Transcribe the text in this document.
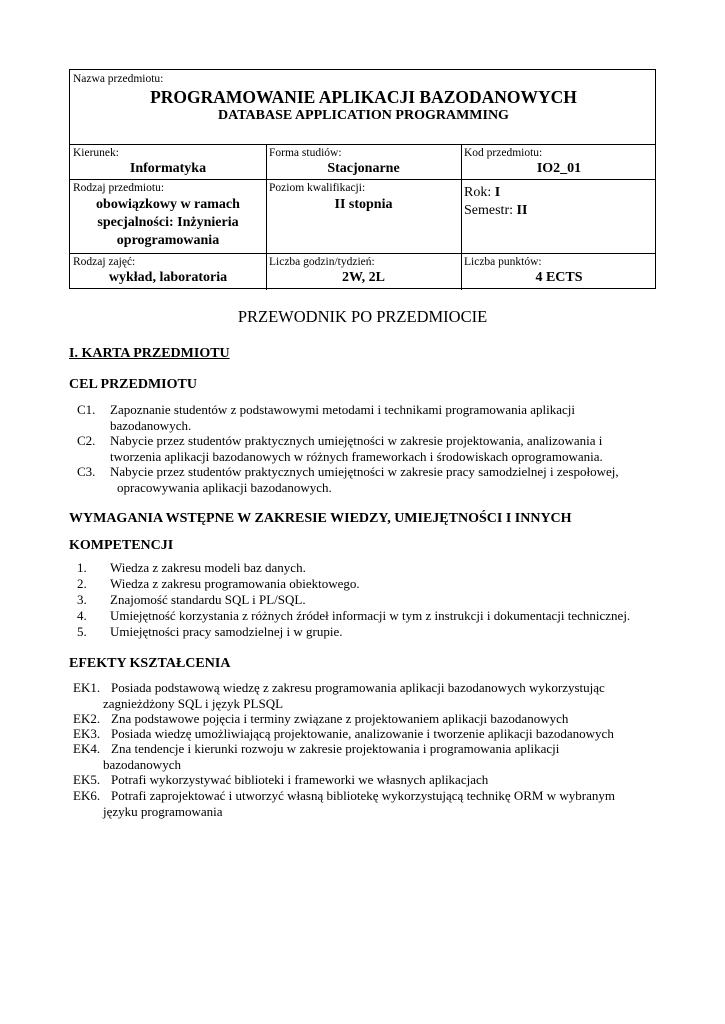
Nazwa przedmiotu:
PROGRAMOWANIE APLIKACJI BAZODANOWYCH
DATABASE APPLICATION PROGRAMMING
Kierunek:
Informatyka
Forma studiów:
Stacjonarne
Kod przedmiotu:
IO2_01
Rodzaj przedmiotu:
obowiązkowy w ramach
specjalności: Inżynieria
oprogramowania
Poziom kwalifikacji:
II stopnia
Rok: I
Semestr: II
Rodzaj zajęć:
wykład, laboratoria
Liczba godzin/tydzień:
2W, 2L
Liczba punktów:
4 ECTS
PRZEWODNIK PO PRZEDMIOCIE
I. KARTA PRZEDMIOTU
CEL PRZEDMIOTU
C1. Zapoznanie studentów z podstawowymi metodami i technikami programowania aplikacji
bazodanowych.
C2. Nabycie przez studentów praktycznych umiejętności w zakresie projektowania, analizowania i
tworzenia aplikacji bazodanowych w różnych frameworkach i środowiskach oprogramowania.
C3. Nabycie przez studentów praktycznych umiejętności w zakresie pracy samodzielnej i zespołowej,
opracowywania aplikacji bazodanowych.
WYMAGANIA WSTĘPNE W ZAKRESIE WIEDZY, UMIEJĘTNOŚCI I INNYCH
KOMPETENCJI
1. Wiedza z zakresu modeli baz danych.
2. Wiedza z zakresu programowania obiektowego.
3. Znajomość standardu SQL i PL/SQL.
4. Umiejętność korzystania z różnych źródeł informacji w tym z instrukcji i dokumentacji technicznej.
5. Umiejętności pracy samodzielnej i w grupie.
EFEKTY KSZTAŁCENIA
EK1. Posiada podstawową wiedzę z zakresu programowania aplikacji bazodanowych wykorzystując
zagnieżdżony SQL i język PLSQL
EK2. Zna podstawowe pojęcia i terminy związane z projektowaniem aplikacji bazodanowych
EK3. Posiada wiedzę umożliwiającą projektowanie, analizowanie i tworzenie aplikacji bazodanowych
EK4. Zna tendencje i kierunki rozwoju w zakresie projektowania i programowania aplikacji
bazodanowych
EK5. Potrafi wykorzystywać biblioteki i frameworki we własnych aplikacjach
EK6. Potrafi zaprojektować i utworzyć własną bibliotekę wykorzystującą technikę ORM w wybranym
języku programowania
